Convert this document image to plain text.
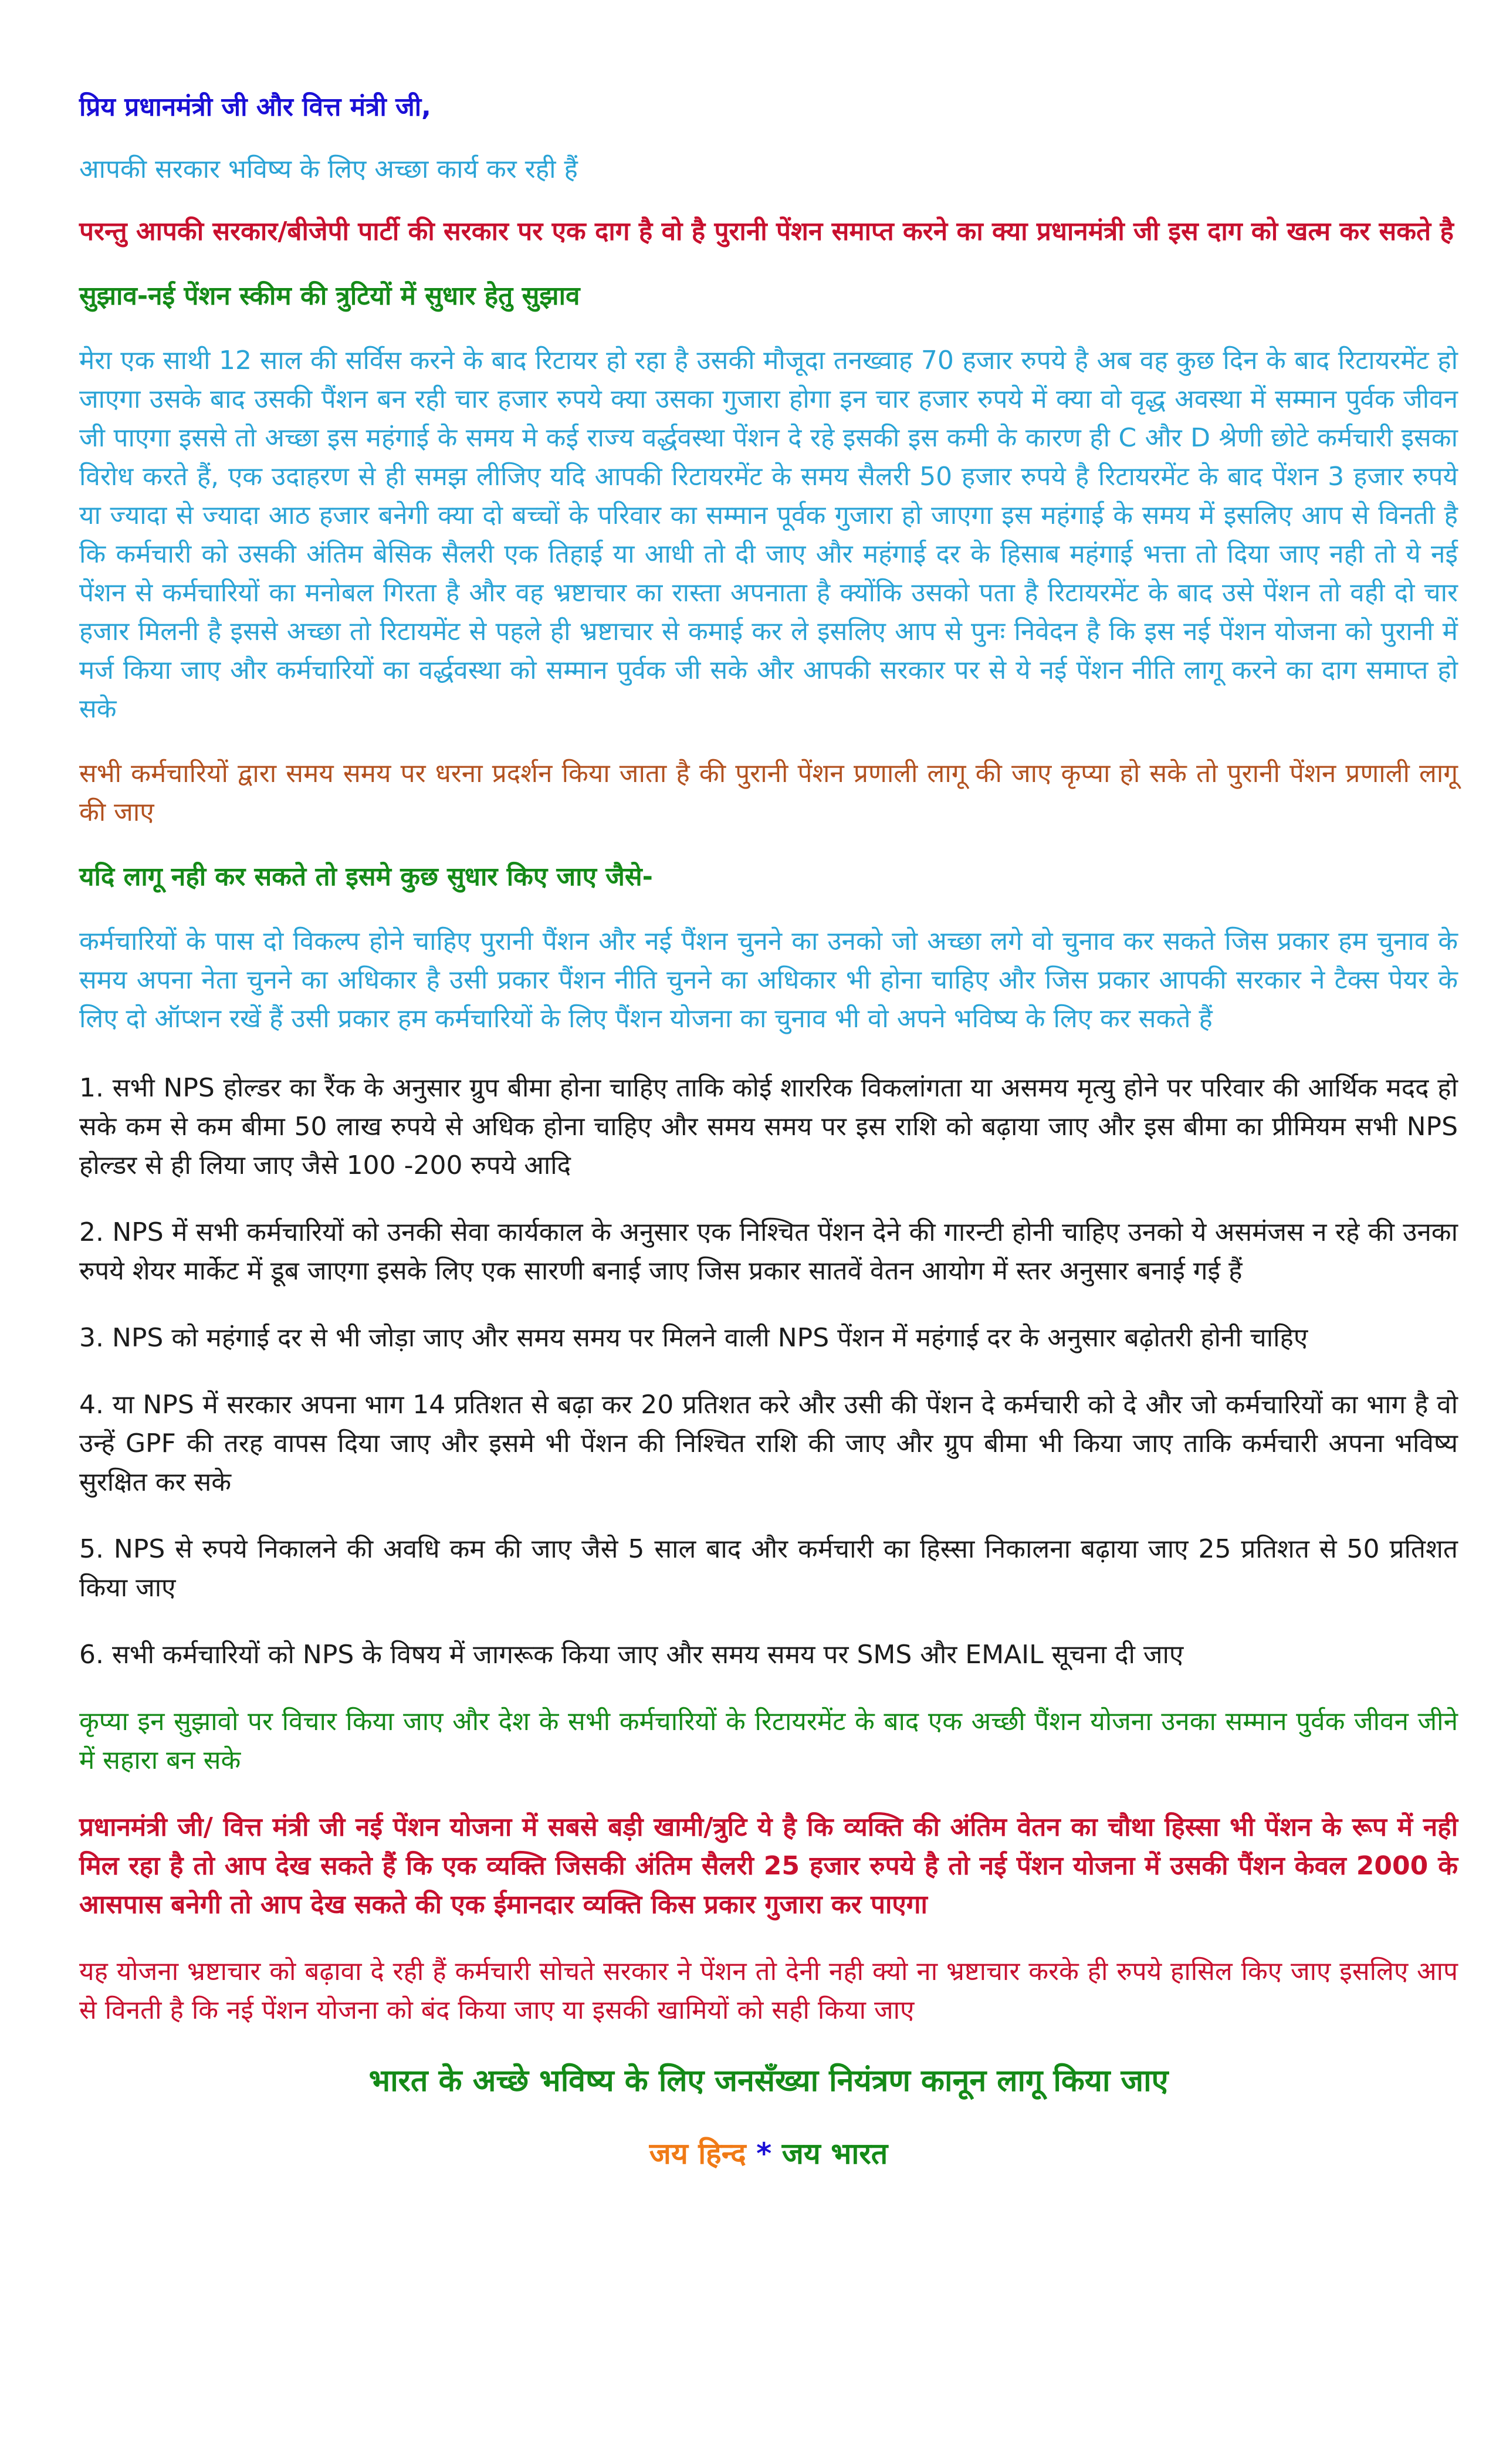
प्रिय प्रधानमंत्री जी और वित्त मंत्री जी,

आपकी सरकार भविष्य के लिए अच्छा कार्य कर रही हैं

परन्तु आपकी सरकार/बीजेपी पार्टी की सरकार पर एक दाग है वो है पुरानी पेंशन समाप्त करने का क्या प्रधानमंत्री जी इस दाग को खत्म कर सकते है

सुझाव-नई पेंशन स्कीम की त्रुटियों में सुधार हेतु सुझाव

मेरा एक साथी 12 साल की सर्विस करने के बाद रिटायर हो रहा है उसकी मौजूदा तनख्वाह 70 हजार रुपये है अब वह कुछ दिन के बाद रिटायरमेंट हो जाएगा उसके बाद उसकी पैंशन बन रही चार हजार रुपये क्या उसका गुजारा होगा इन चार हजार रुपये में क्या वो वृद्ध अवस्था में सम्मान पुर्वक जीवन जी पाएगा इससे तो अच्छा इस महंगाई के समय मे कई राज्य वर्द्धवस्था पेंशन दे रहे इसकी इस कमी के कारण ही C और D श्रेणी छोटे कर्मचारी इसका विरोध करते हैं, एक उदाहरण से ही समझ लीजिए यदि आपकी रिटायरमेंट के समय सैलरी 50 हजार रुपये है रिटायरमेंट के बाद पेंशन 3 हजार रुपये या ज्यादा से ज्यादा आठ हजार बनेगी क्या दो बच्चों के परिवार का सम्मान पूर्वक गुजारा हो जाएगा इस महंगाई के समय में इसलिए आप से विनती है कि कर्मचारी को उसकी अंतिम बेसिक सैलरी एक तिहाई या आधी तो दी जाए और महंगाई दर के हिसाब महंगाई भत्ता तो दिया जाए नही तो ये नई पेंशन से कर्मचारियों का मनोबल गिरता है और वह भ्रष्टाचार का रास्ता अपनाता है क्योंकि उसको पता है रिटायरमेंट के बाद उसे पेंशन तो वही दो चार हजार मिलनी है इससे अच्छा तो रिटायमेंट से पहले ही भ्रष्टाचार से कमाई कर ले इसलिए आप से पुनः निवेदन है कि इस नई पेंशन योजना को पुरानी में मर्ज किया जाए और कर्मचारियों का वर्द्धवस्था को सम्मान पुर्वक जी सके और आपकी सरकार पर से ये नई पेंशन नीति लागू करने का दाग समाप्त हो सके

सभी कर्मचारियों द्वारा समय समय पर धरना प्रदर्शन किया जाता है की पुरानी पेंशन प्रणाली लागू की जाए कृप्या हो सके तो पुरानी पेंशन प्रणाली लागू की जाए

यदि लागू नही कर सकते तो इसमे कुछ सुधार किए जाए जैसे-

कर्मचारियों के पास दो विकल्प होने चाहिए पुरानी पैंशन और नई पैंशन चुनने का उनको जो अच्छा लगे वो चुनाव कर सकते जिस प्रकार हम चुनाव के समय अपना नेता चुनने का अधिकार है उसी प्रकार पैंशन नीति चुनने का अधिकार भी होना चाहिए और जिस प्रकार आपकी सरकार ने टैक्स पेयर के लिए दो ऑप्शन रखें हैं उसी प्रकार हम कर्मचारियों के लिए पैंशन योजना का चुनाव भी वो अपने भविष्य के लिए कर सकते हैं

1. सभी NPS होल्डर का रैंक के अनुसार ग्रुप बीमा होना चाहिए ताकि कोई शाररिक विकलांगता या असमय मृत्यु होने पर परिवार की आर्थिक मदद हो सके कम से कम बीमा 50 लाख रुपये से अधिक होना चाहिए और समय समय पर इस राशि को बढ़ाया जाए और इस बीमा का प्रीमियम सभी NPS होल्डर से ही लिया जाए जैसे 100 -200 रुपये आदि

2. NPS में सभी कर्मचारियों को उनकी सेवा कार्यकाल के अनुसार एक निश्चित पेंशन देने की गारन्टी होनी चाहिए उनको ये असमंजस न रहे की उनका रुपये शेयर मार्केट में डूब जाएगा इसके लिए एक सारणी बनाई जाए जिस प्रकार सातवें वेतन आयोग में स्तर अनुसार बनाई गई हैं

3. NPS को महंगाई दर से भी जोड़ा जाए और समय समय पर मिलने वाली NPS पेंशन में महंगाई दर के अनुसार बढ़ोतरी होनी चाहिए

4. या NPS में सरकार अपना भाग 14 प्रतिशत से बढ़ा कर 20 प्रतिशत करे और उसी की पेंशन दे कर्मचारी को दे और जो कर्मचारियों का भाग है वो उन्हें GPF की तरह वापस दिया जाए और इसमे भी पेंशन की निश्चित राशि की जाए और ग्रुप बीमा भी किया जाए ताकि कर्मचारी अपना भविष्य सुरक्षित कर सके

5. NPS से रुपये निकालने की अवधि कम की जाए जैसे 5 साल बाद और कर्मचारी का हिस्सा निकालना बढ़ाया जाए 25 प्रतिशत से 50 प्रतिशत किया जाए

6. सभी कर्मचारियों को NPS के विषय में जागरूक किया जाए और समय समय पर SMS और EMAIL सूचना दी जाए

कृप्या इन सुझावो पर विचार किया जाए और देश के सभी कर्मचारियों के रिटायरमेंट के बाद एक अच्छी पैंशन योजना उनका सम्मान पुर्वक जीवन जीने में सहारा बन सके

प्रधानमंत्री जी/ वित्त मंत्री जी नई पेंशन योजना में सबसे बड़ी खामी/त्रुटि ये है कि व्यक्ति की अंतिम वेतन का चौथा हिस्सा भी पेंशन के रूप में नही मिल रहा है तो आप देख सकते हैं कि एक व्यक्ति जिसकी अंतिम सैलरी 25 हजार रुपये है तो नई पेंशन योजना में उसकी पैंशन केवल 2000 के आसपास बनेगी तो आप देख सकते की एक ईमानदार व्यक्ति किस प्रकार गुजारा कर पाएगा

यह योजना भ्रष्टाचार को बढ़ावा दे रही हैं कर्मचारी सोचते सरकार ने पेंशन तो देनी नही क्यो ना भ्रष्टाचार करके ही रुपये हासिल किए जाए इसलिए आप से विनती है कि नई पेंशन योजना को बंद किया जाए या इसकी खामियों को सही किया जाए

भारत के अच्छे भविष्य के लिए जनसँख्या नियंत्रण कानून लागू किया जाए

जय हिन्द * जय भारत
